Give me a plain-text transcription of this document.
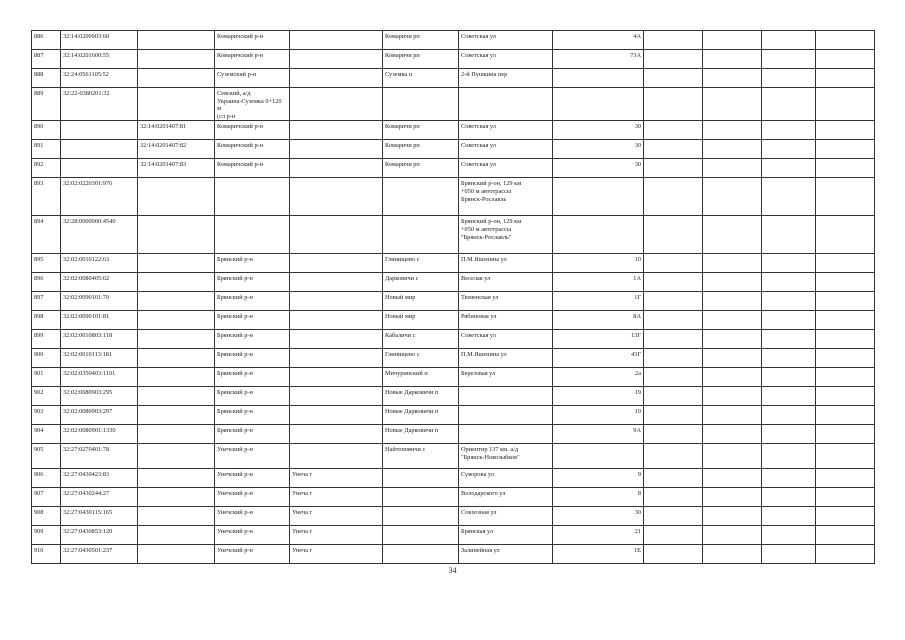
886	32:14:0200903:60		Комаричский р-н		Комаричи рп	Советская ул	4А				
887	32:14:0201600:55		Комаричский р-н		Комаричи рп	Советская ул	73А				
888	32:24:0561105:52		Суземский р-н		Суземка п	2-й Пушкина пер					
889	32:22-0380201:32		Севский, а/д
Украина-Суземка 0+120 м
(сл р-н								
890		32:14:0201407:81	Комаричский р-н		Комаричи рп	Советская ул	30				
891		32:14:0201407:82	Комаричский р-н		Комаричи рп	Советская ул	30				
892		32:14:0201407:83	Комаричский р-н		Комаричи рп	Советская ул	30				
893	32:02:0220301:976					Брянский р-он, 129 км
+050 м автотрассы
Брянск-Рославль					
894	32:28:0000000:4540					Брянский р-он, 129 км
+050 м автотрассы
"Брянск-Рославль"					
895	32:02:0010122:63		Брянский р-н		Глинищево с	П.М.Яшенина ул	10				
896	32:02:0080405:62		Брянский р-н		Дарковичи с	Веселая ул	1А				
897	32:02:0090101:70		Брянский р-н		Новый мир	Тюменская ул	1Г				
898	32:02:0090101:81		Брянский р-н		Новый мир	Рябиновая ул	8А				
899	32:02:0010803:118		Брянский р-н		Кабаличи с	Советская ул	13Г				
900	32:02:0010113:181		Брянский р-н		Глинищево с	П.М.Яшенина ул	43Г				
901	32:02:0350403:1101		Брянский р-н		Мичуринский п	Березовая ул	2а				
902	32:02:0080903:295		Брянский р-н		Новые Дарковичи п		19				
903	32:02:0080903:297		Брянский р-н		Новые Дарковичи п		19				
904	32:02:0080901:1330		Брянский р-н		Новые Дарковичи п		9А				
905	32:27:0270401:78		Унечский р-н		Найтоповичи с	Ориентир 137 км. а/д
"Брянск-Новозыбков"					
906	32:27:0430423:83		Унечский р-н	Унеча г		Суворова ул	9				
907	32:27:0430244:27		Унечский р-н	Унеча г		Володарского ул	8				
908	32:27:0430115:165		Унечский р-н	Унеча г		Совхозная ул	30				
909	32:27:0430853:120		Унечский р-н	Унеча г		Брянская ул	21				
910	32:27:0430501:237		Унечский р-н	Унеча г		Залинейная ул	1Е				
34
